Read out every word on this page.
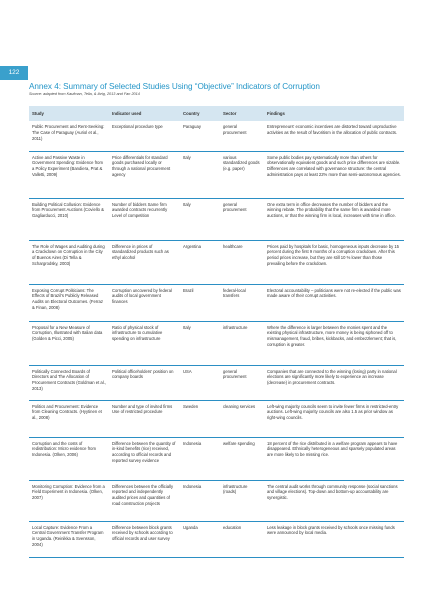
122
Annex 4: Summary of Selected Studies Using “Objective” Indicators of Corruption
Source: adapted from Kaufman, Tella, & Ibrig, 2013 and Fan 2014
Study	Indicator used	Country	Sector	Findings
Public Procurement and Rent-Seeking: The Case of Paraguay (Auriol et al., 2011)	Exceptional procedure type	Paraguay	general procurement	Entrepreneurs' economic incentives are distorted toward unproductive activities as the result of favoritism in the allocation of public contracts.
Active and Passive Waste in Government Spending: Evidence from a Policy Experiment (Bandiera, Prat & Valletti, 2009)	Price differentials for standard goods purchased locally or through a national procurement agency	Italy	various standardized goods (e.g. paper)	Some public bodies pay systematically more than others for observationally equivalent goods and such price differences are sizable. Differences are correlated with governance structure: the central administration pays at least 22% more than semi-autonomous agencies.
Building Political Collusion: Evidence from Procurement Auctions (Coviello & Gagliarducci, 2010)	Number of bidders Same firm awarded contracts recurrently Level of competition	Italy	general procurement	One extra term in office decreases the number of bidders and the winning rebate. The probability that the same firm is awarded more auctions, or that the winning firm is local, increases with time in office.
The Role of Wages and Auditing during a Crackdown on Corruption in the City of Buenos Aires (Di Tella & Schargrodsky, 2003)	Difference in prices of standardized products such as ethyl alcohol	Argentina	healthcare	Prices paid by hospitals for basic, homogeneous inputs decrease by 15 percent during the first 9 months of a corruption crackdown. After this period prices increase, but they are still 10 % lower than those prevailing before the crackdown.
Exposing Corrupt Politicians: The Effects of Brazil's Publicly Released Audits on Electoral Outcomes. (Ferraz & Finan, 2008)	Corruption uncovered by federal audits of local government finances	Brazil	federal-local transfers	Electoral accountability – politicians were not re-elected if the public was made aware of their corrupt activities.
Proposal for a New Measure of Corruption, Illustrated with Italian data (Golden & Picci, 2005)	Ratio of physical stock of infrastructure to cumulative spending on infrastructure	Italy	infrastructure	Where the difference is larger between the monies spent and the existing physical infrastructure, more money is being siphoned off to mismanagement, fraud, bribes, kickbacks, and embezzlement; that is, corruption is greater.
Politically Connected Boards of Directors and The Allocation of Procurement Contracts (Goldman et al., 2013)	Political officeholders' position on company boards	USA	general procurement	Companies that are connected to the winning (losing) party in national elections are significantly more likely to experience an increase (decrease) in procurement contracts.
Politics and Procurement: Evidence from Cleaning Contracts. (Hyytinen et al., 2008)	Number and type of invited firms Use of restricted procedure	Sweden	cleaning services	Left-wing majority councils seem to invite fewer firms in restricted-entry auctions. Left-wing majority councils are also 1.5 as prior window as right-wing councils.
Corruption and the costs of redistribution: Micro evidence from Indonesia. (Olken, 2006)	Difference between the quantity of in-kind benefits (rice) received, according to official records and reported survey evidence	Indonesia	welfare spending	18 percent of the rice distributed in a welfare program appears to have disappeared. Ethnically heterogeneous and sparsely populated areas are more likely to be missing rice.
Monitoring Corruption: Evidence from a Field Experiment in Indonesia. (Olken, 2007)	Differences between the officially reported and independently audited prices and quantities of road construction projects	Indonesia	infrastructure (roads)	The central audit works through community response (social sanctions and village elections). Top-down and bottom-up accountability are synergistic.
Local Capture: Evidence From a Central Government Transfer Program in Uganda. (Reinikka & Svensson, 2004)	Difference between block grants received by schools according to official records and user survey	Uganda	education	Less leakage in block grants received by schools once missing funds were announced by local media.
